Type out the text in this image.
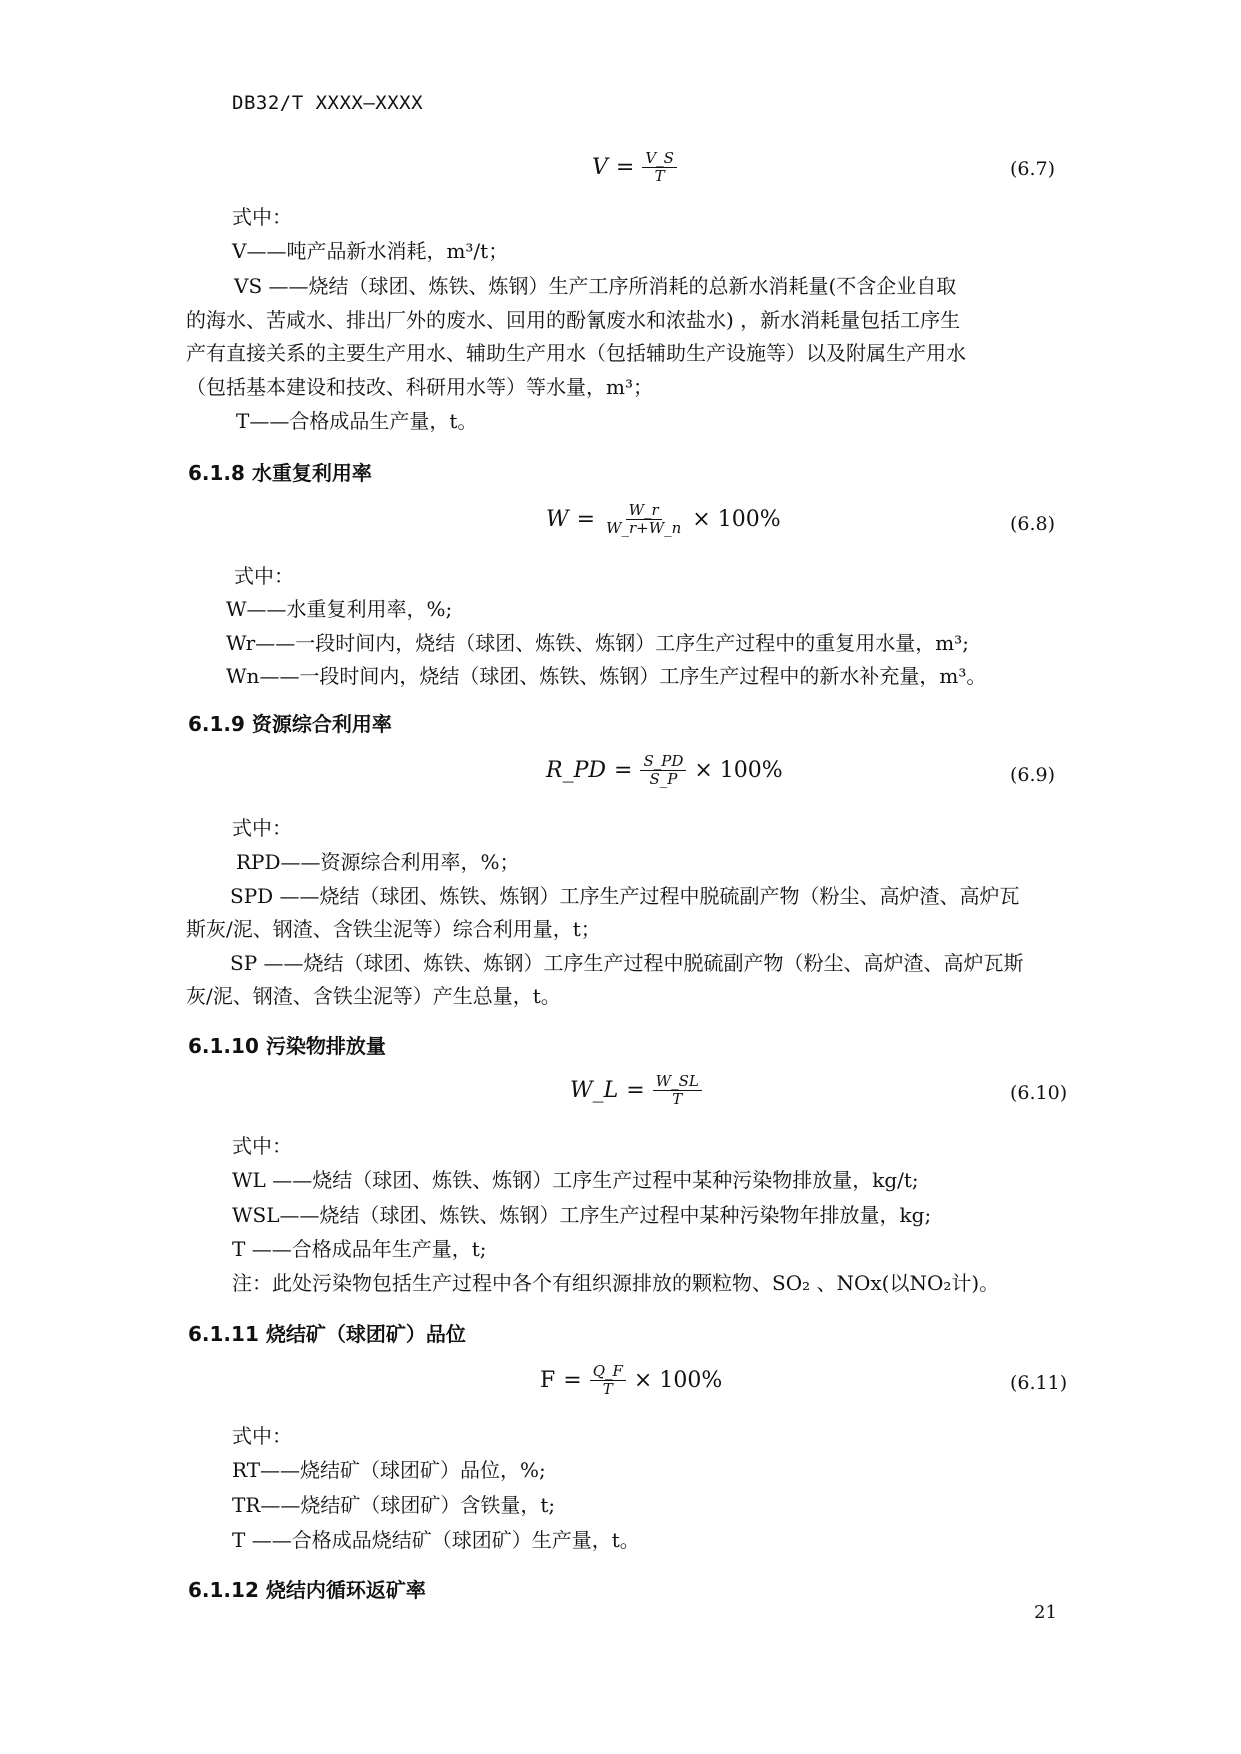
DB32/T XXXX—XXXX
$V = \frac{V\_S}{T}$	(6.7)
式中：
V——吨产品新水消耗，m³/t；
VS ——烧结（球团、炼铁、炼钢）生产工序所消耗的总新水消耗量(不含企业自取
的海水、苦咸水、排出厂外的废水、回用的酚氰废水和浓盐水) ，新水消耗量包括工序生
产有直接关系的主要生产用水、辅助生产用水（包括辅助生产设施等）以及附属生产用水
（包括基本建设和技改、科研用水等）等水量，m³；
T——合格成品生产量，t。
6.1.8 水重复利用率
$W = \frac{W\_r}{W\_r+W\_n} \times 100\%$	(6.8)
式中：
W——水重复利用率，%;
Wr——一段时间内，烧结（球团、炼铁、炼钢）工序生产过程中的重复用水量，m³;
Wn——一段时间内，烧结（球团、炼铁、炼钢）工序生产过程中的新水补充量，m³。
6.1.9 资源综合利用率
R_PD = $\frac{S\_PD}{S\_P} \times 100\%$	(6.9)
式中：
RPD——资源综合利用率，%；
SPD ——烧结（球团、炼铁、炼钢）工序生产过程中脱硫副产物（粉尘、高炉渣、高炉瓦
斯灰/泥、钢渣、含铁尘泥等）综合利用量，t；
SP ——烧结（球团、炼铁、炼钢）工序生产过程中脱硫副产物（粉尘、高炉渣、高炉瓦斯
灰/泥、钢渣、含铁尘泥等）产生总量，t。
6.1.10 污染物排放量
W_L = $\frac{W\_SL}{T}$	(6.10)
式中：
WL ——烧结（球团、炼铁、炼钢）工序生产过程中某种污染物排放量，kg/t;
WSL——烧结（球团、炼铁、炼钢）工序生产过程中某种污染物年排放量，kg;
T ——合格成品年生产量，t;
注：此处污染物包括生产过程中各个有组织源排放的颗粒物、SO₂ 、NOx(以NO₂计)。
6.1.11 烧结矿（球团矿）品位
$F = \frac{Q\_F}{T} \times 100\%$	(6.11)
式中：
RT——烧结矿（球团矿）品位，%;
TR——烧结矿（球团矿）含铁量，t;
T ——合格成品烧结矿（球团矿）生产量，t。
6.1.12 烧结内循环返矿率
21
